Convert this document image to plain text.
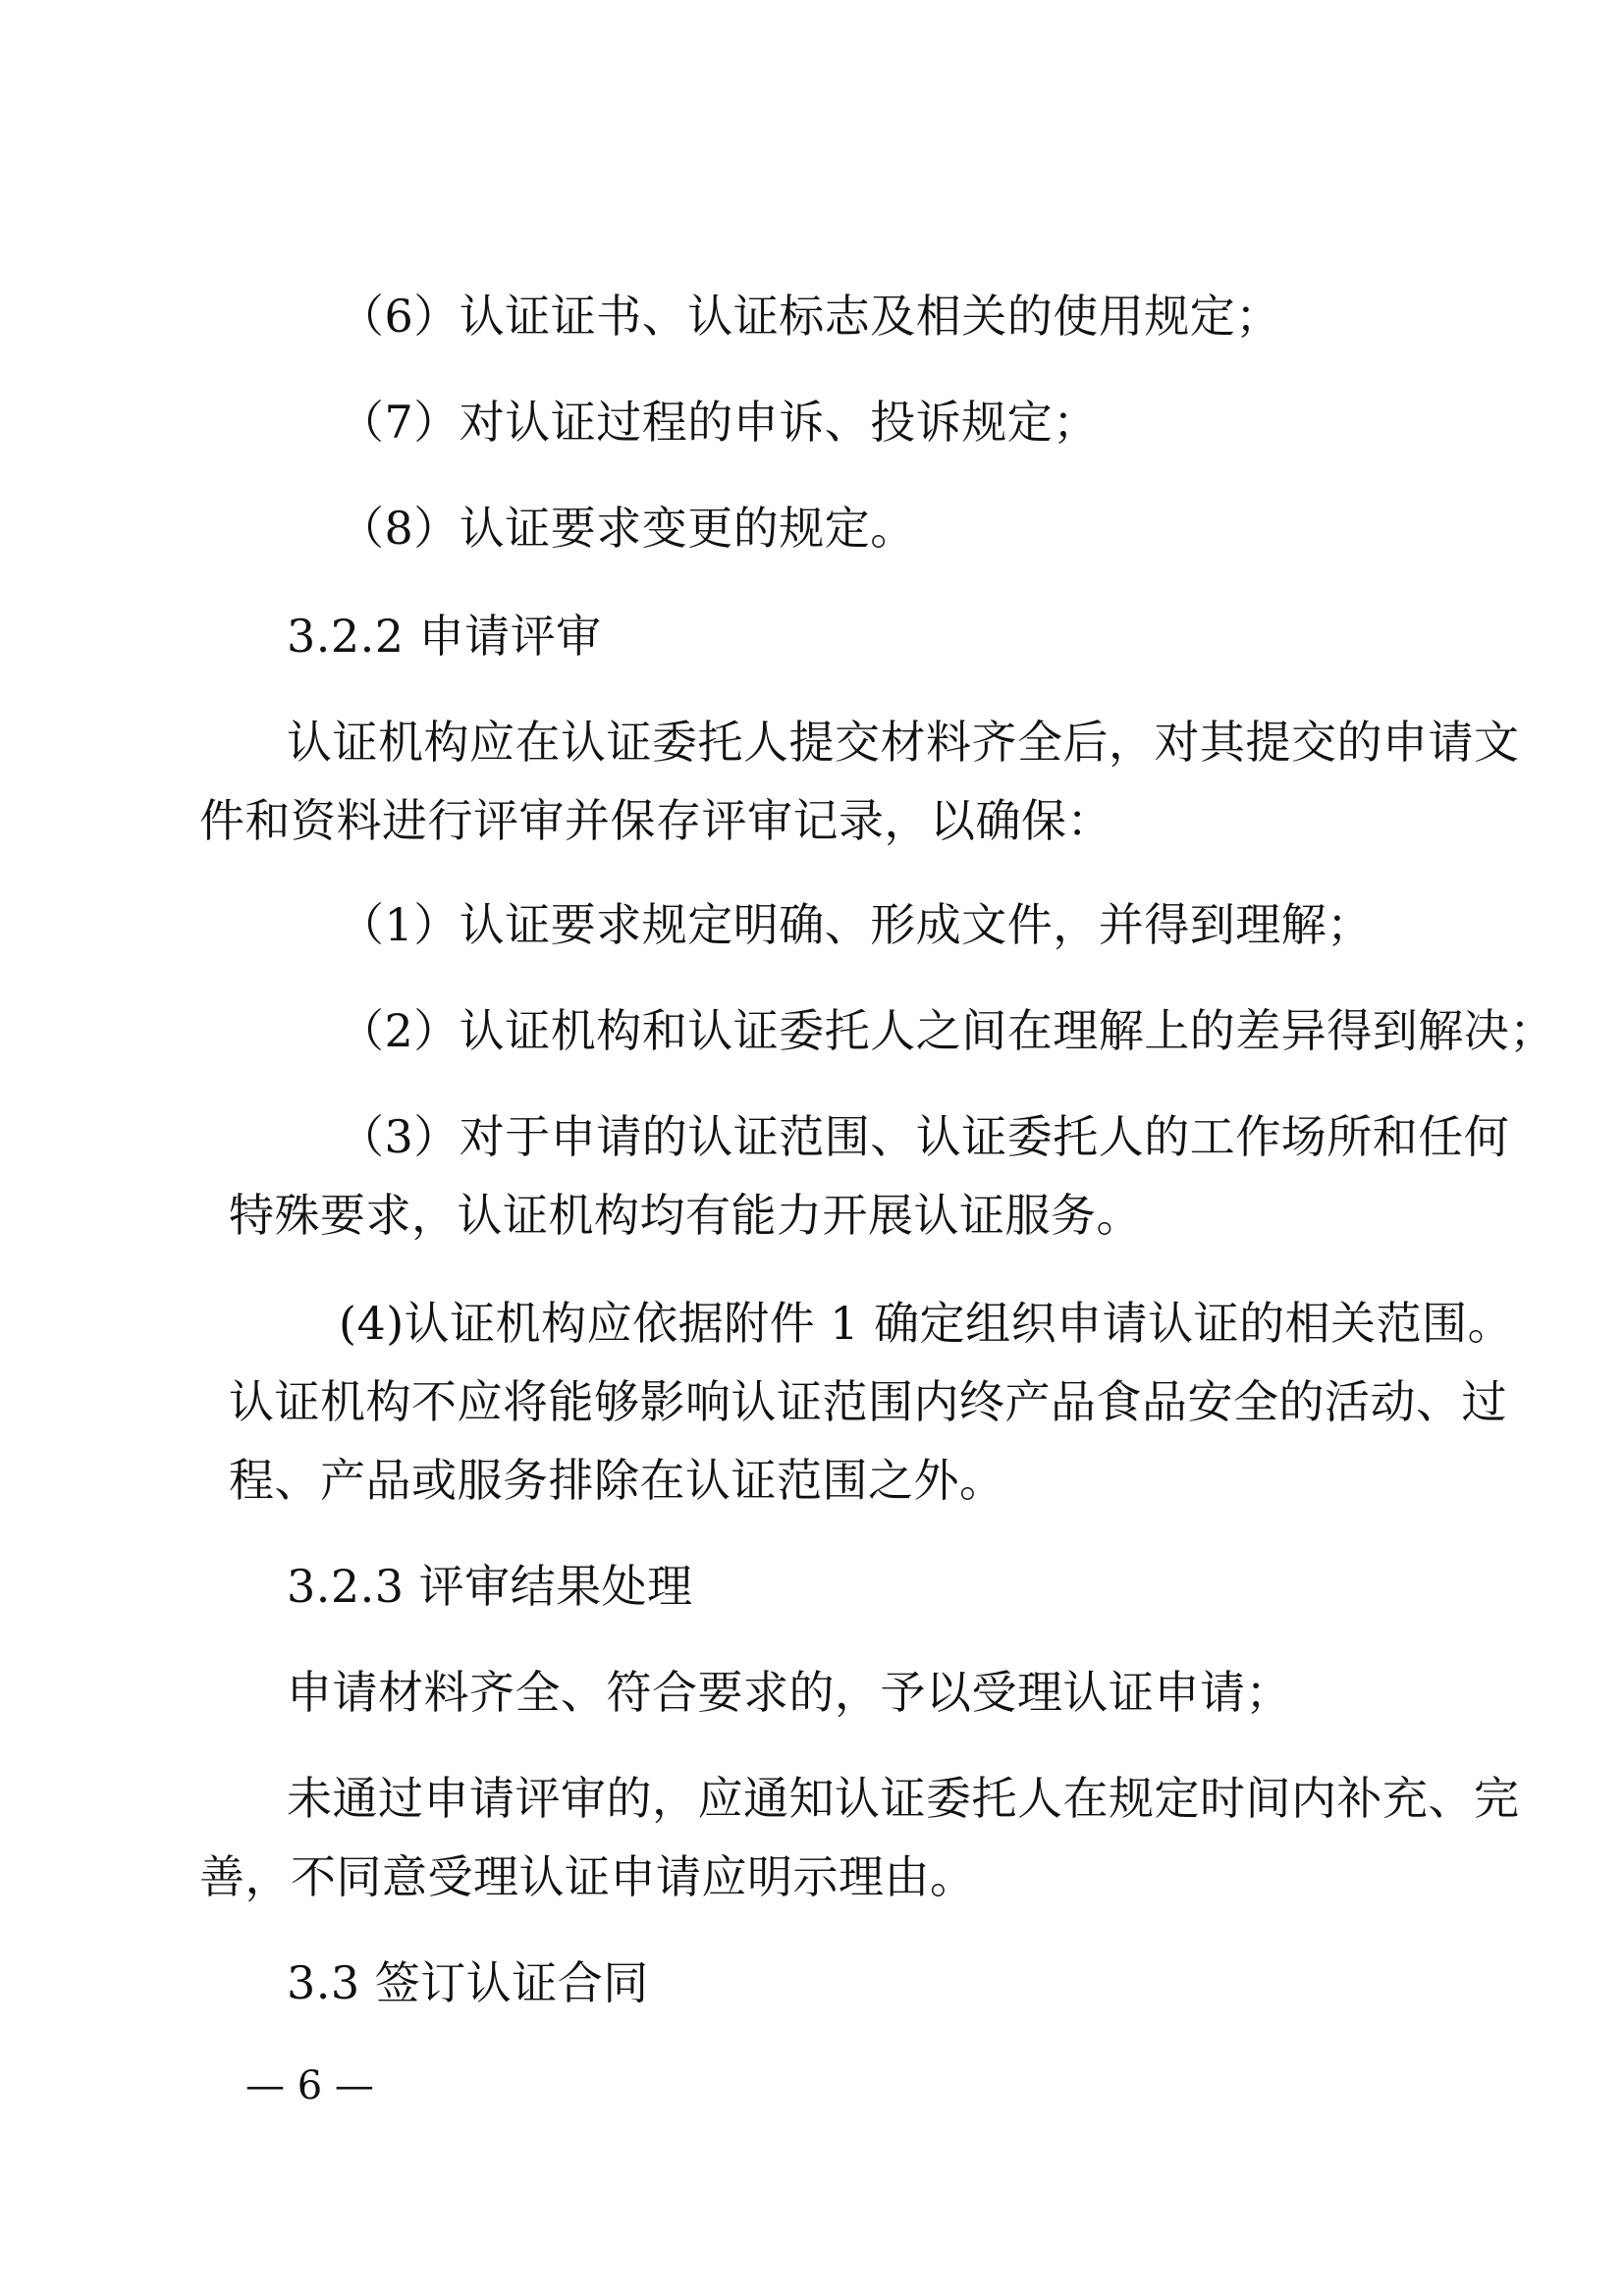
（6）认证证书、认证标志及相关的使用规定；
（7）对认证过程的申诉、投诉规定；
（8）认证要求变更的规定。
3.2.2 申请评审
认证机构应在认证委托人提交材料齐全后，对其提交的申请文
件和资料进行评审并保存评审记录，以确保：
（1）认证要求规定明确、形成文件，并得到理解；
（2）认证机构和认证委托人之间在理解上的差异得到解决；
（3）对于申请的认证范围、认证委托人的工作场所和任何
特殊要求，认证机构均有能力开展认证服务。
(4)认证机构应依据附件 1 确定组织申请认证的相关范围。
认证机构不应将能够影响认证范围内终产品食品安全的活动、过
程、产品或服务排除在认证范围之外。
3.2.3 评审结果处理
申请材料齐全、符合要求的，予以受理认证申请；
未通过申请评审的，应通知认证委托人在规定时间内补充、完
善，不同意受理认证申请应明示理由。
3.3 签订认证合同
— 6 —
